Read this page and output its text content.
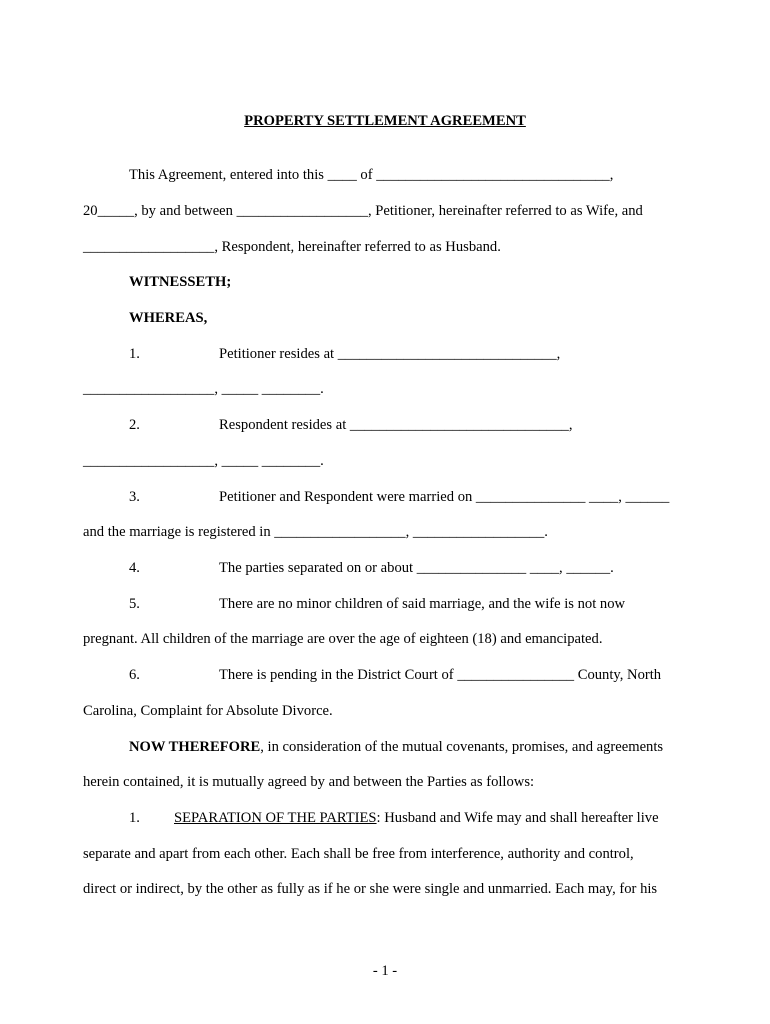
PROPERTY SETTLEMENT AGREEMENT
This Agreement, entered into this ____ of ________________________________,
20_____, by and between __________________, Petitioner, hereinafter referred to as Wife, and
__________________, Respondent, hereinafter referred to as Husband.
WITNESSETH;
WHEREAS,
1.	Petitioner resides at ______________________________,
__________________, _____ ________.
2.	Respondent resides at ______________________________,
__________________, _____ ________.
3.	Petitioner and Respondent were married on _______________ ____, ______
and the marriage is registered in __________________, __________________.
4.	The parties separated on or about _______________ ____, ______.
5.	There are no minor children of said marriage, and the wife is not now
pregnant. All children of the marriage are over the age of eighteen (18) and emancipated.
6.	There is pending in the District Court of ________________ County, North
Carolina, Complaint for Absolute Divorce.
NOW THEREFORE, in consideration of the mutual covenants, promises, and agreements
herein contained, it is mutually agreed by and between the Parties as follows:
1. SEPARATION OF THE PARTIES: Husband and Wife may and shall hereafter live
separate and apart from each other. Each shall be free from interference, authority and control,
direct or indirect, by the other as fully as if he or she were single and unmarried. Each may, for his
- 1 -
